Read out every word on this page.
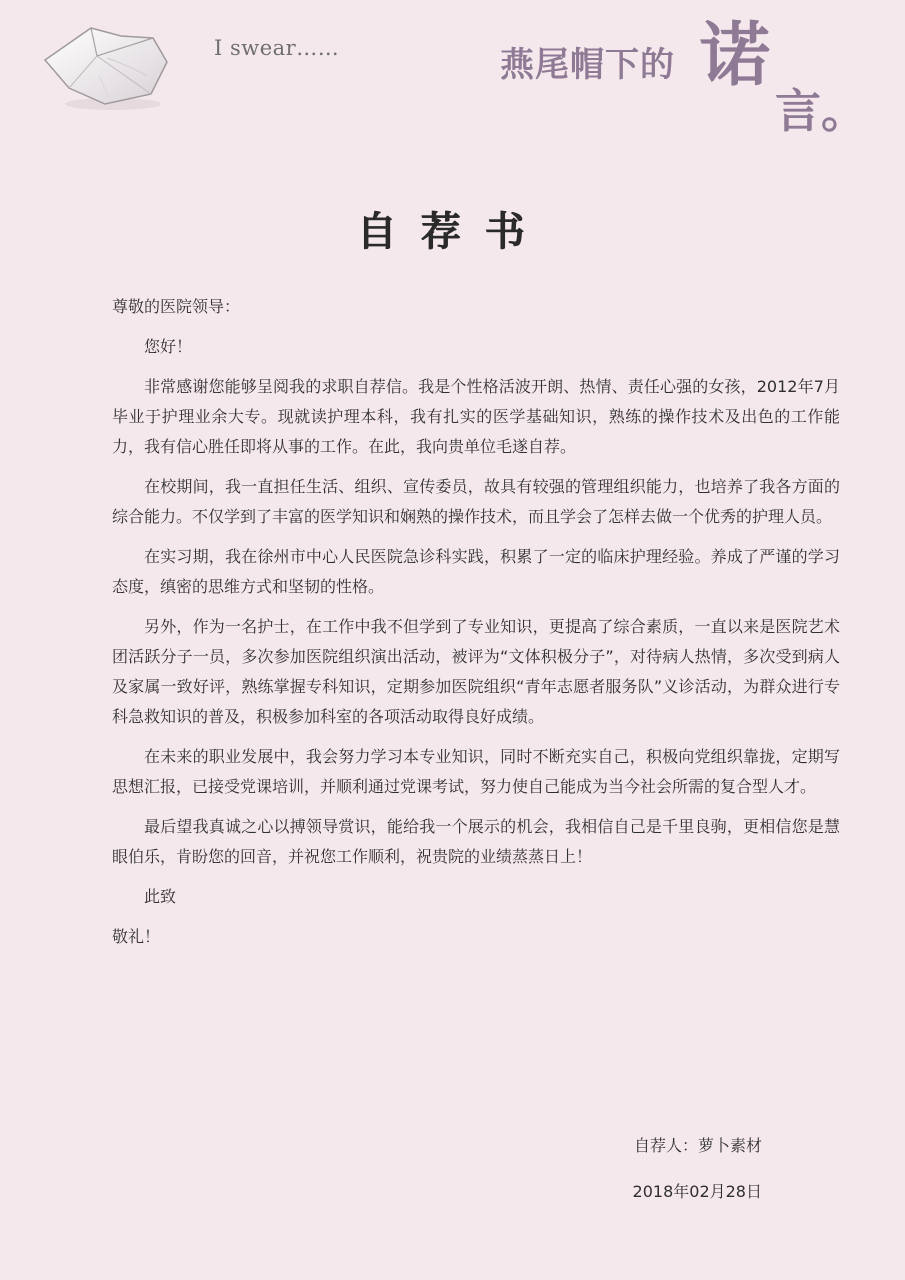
I swear……	燕尾帽下的 诺
言。
自荐书

尊敬的医院领导：

您好！

非常感谢您能够呈阅我的求职自荐信。我是个性格活波开朗、热情、责任心强的女孩，2012年7月毕业于护理业余大专。现就读护理本科，我有扎实的医学基础知识，熟练的操作技术及出色的工作能力，我有信心胜任即将从事的工作。在此，我向贵单位毛遂自荐。

在校期间，我一直担任生活、组织、宣传委员，故具有较强的管理组织能力，也培养了我各方面的综合能力。不仅学到了丰富的医学知识和娴熟的操作技术，而且学会了怎样去做一个优秀的护理人员。

在实习期，我在徐州市中心人民医院急诊科实践，积累了一定的临床护理经验。养成了严谨的学习态度，缜密的思维方式和坚韧的性格。

另外，作为一名护士，在工作中我不但学到了专业知识，更提高了综合素质，一直以来是医院艺术团活跃分子一员，多次参加医院组织演出活动，被评为“文体积极分子”，对待病人热情，多次受到病人及家属一致好评，熟练掌握专科知识，定期参加医院组织“青年志愿者服务队”义诊活动，为群众进行专科急救知识的普及，积极参加科室的各项活动取得良好成绩。

在未来的职业发展中，我会努力学习本专业知识，同时不断充实自己，积极向党组织靠拢，定期写思想汇报，已接受党课培训，并顺利通过党课考试，努力使自己能成为当今社会所需的复合型人才。

最后望我真诚之心以搏领导赏识，能给我一个展示的机会，我相信自己是千里良驹，更相信您是慧眼伯乐，肯盼您的回音，并祝您工作顺利，祝贵院的业绩蒸蒸日上！

此致

敬礼！

自荐人：萝卜素材
2018年02月28日
